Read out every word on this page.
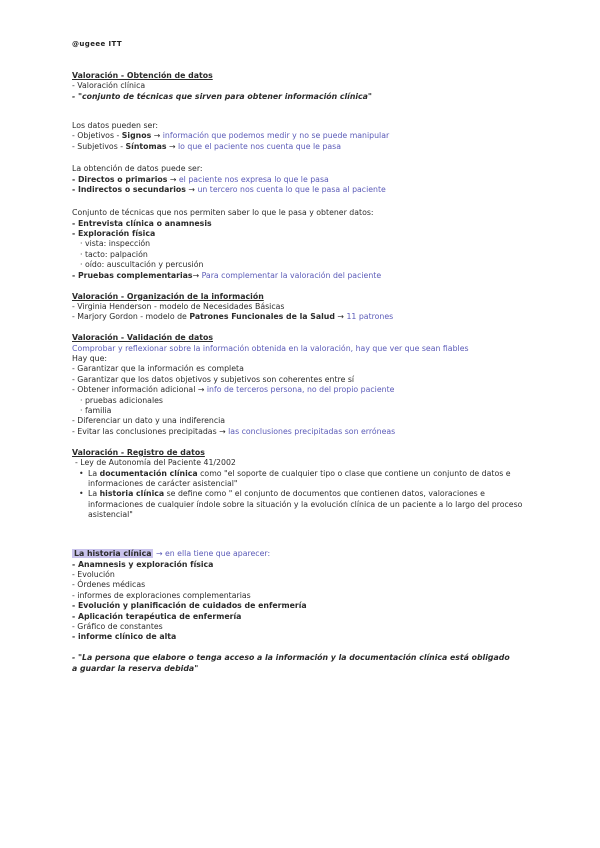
@ugeee ITT
Valoración - Obtención de datos
- Valoración clínica
- "conjunto de técnicas que sirven para obtener información clínica"
Los datos pueden ser:
- Objetivos - Signos → información que podemos medir y no se puede manipular
- Subjetivos - Síntomas → lo que el paciente nos cuenta que le pasa
La obtención de datos puede ser:
- Directos o primarios → el paciente nos expresa lo que le pasa
- Indirectos o secundarios → un tercero nos cuenta lo que le pasa al paciente
Conjunto de técnicas que nos permiten saber lo que le pasa y obtener datos:
- Entrevista clínica o anamnesis
- Exploración física
· vista: inspección
· tacto: palpación
· oído: auscultación y percusión
- Pruebas complementarias→ Para complementar la valoración del paciente
Valoración - Organización de la información
- Virginia Henderson - modelo de Necesidades Básicas
- Marjory Gordon - modelo de Patrones Funcionales de la Salud → 11 patrones
Valoración - Validación de datos
Comprobar y reflexionar sobre la información obtenida en la valoración, hay que ver que sean fiables
Hay que:
- Garantizar que la información es completa
- Garantizar que los datos objetivos y subjetivos son coherentes entre sí
- Obtener información adicional → info de terceros persona, no del propio paciente
· pruebas adicionales
· familia
- Diferenciar un dato y una indiferencia
- Evitar las conclusiones precipitadas → las conclusiones precipitadas son erróneas
Valoración - Registro de datos
- Ley de Autonomía del Paciente 41/2002
• La documentación clínica como "el soporte de cualquier tipo o clase que contiene un conjunto de datos e informaciones de carácter asistencial"
• La historia clínica se define como " el conjunto de documentos que contienen datos, valoraciones e informaciones de cualquier índole sobre la situación y la evolución clínica de un paciente a lo largo del proceso asistencial"
La historia clínica → en ella tiene que aparecer:
- Anamnesis y exploración física
- Evolución
- Órdenes médicas
- informes de exploraciones complementarias
- Evolución y planificación de cuidados de enfermería
- Aplicación terapéutica de enfermería
- Gráfico de constantes
- informe clínico de alta
- "La persona que elabore o tenga acceso a la información y la documentación clínica está obligado a guardar la reserva debida"
